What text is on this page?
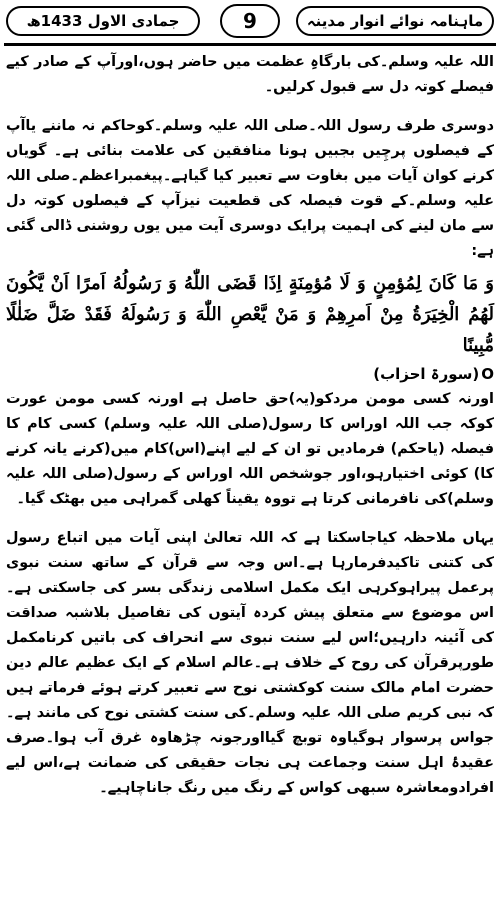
ماہنامہ نوائے انوار مدینہ
9
جمادی الاول 1433ھ

اللہ علیہ وسلم۔کی بارگاہِ عظمت میں حاضر ہوں،اورآپ کے صادر کیے فیصلے کوتہ دل سے قبول کرلیں۔

دوسری طرف رسول اللہ۔صلی اللہ علیہ وسلم۔کوحاکم نہ ماننے یاآپ کے فیصلوں پرچِیں بجبیں ہونا منافقین کی علامت بنائی ہے۔ گویاں کرنے کوان آیات میں بغاوت سے تعبیر کیا گیاہے۔پیغمبراعظم۔صلی اللہ علیہ وسلم۔کے قوت فیصلہ کی قطعیت نیزآپ کے فیصلوں کوتہ دل سے مان لینے کی اہمیت پرایک دوسری آیت میں یوں روشنی ڈالی گئی ہے:

وَ مَا كَانَ لِمُؤمِنٍ وَ لَا مُؤمِنَةٍ اِذَا قَضَى اللّٰهُ وَ رَسُولُهُ اَمرًا اَنْ يَّكُونَ لَهُمُ الْخِيَرَةُ مِنْ اَمرِهِمْ وَ مَنْ يَّعْصِ اللّٰهَ وَ رَسُولَهُ فَقَدْ ضَلَّ ضَلٰلًا مُّبِينًا

O(سورۃ احزاب)

اورنہ کسی مومن مردکو(یہ)حق حاصل ہے اورنہ کسی مومن عورت کوکہ جب اللہ اوراس کا رسول(صلی اللہ علیہ وسلم) کسی کام کا فیصلہ (یاحکم) فرمادیں تو ان کے لیے اپنے(اس)کام میں(کرنے یانہ کرنے کا) کوئی اختیارہو،اور جوشخص اللہ اوراس کے رسول(صلی اللہ علیہ وسلم)کی نافرمانی کرتا ہے تووہ یقیناً کھلی گمراہی میں بھٹک گیا۔

یہاں ملاحظہ کیاجاسکتا ہے کہ اللہ تعالیٰ اپنی آیات میں اتباع رسول کی کتنی تاکیدفرمارہا ہے۔اس وجہ سے قرآن کے ساتھ سنت نبوی پرعمل پیراہوکرہی ایک مکمل اسلامی زندگی بسر کی جاسکتی ہے۔اس موضوع سے متعلق پیش کردہ آیتوں کی تفاصیل بلاشبہ صداقت کی آئینہ دارہیں؛اس لیے سنت نبوی سے انحراف کی باتیں کرنامکمل طورپرقرآن کی روح کے خلاف ہے۔عالم اسلام کے ایک عظیم عالم دین حضرت امام مالک سنت کوکشتی نوح سے تعبیر کرتے ہوئے فرماتے ہیں کہ نبی کریم صلی اللہ علیہ وسلم۔کی سنت کشتی نوح کی مانند ہے۔جواس پرسوار ہوگیاوہ توبچ گیااورجونہ چڑھاوہ غرق آب ہوا۔صرف عقیدۂ اہل سنت وجماعت ہی نجات حقیقی کی ضمانت ہے،اس لیے افرادومعاشرہ سبھی کواس کے رنگ میں رنگ جاناچاہیے۔
